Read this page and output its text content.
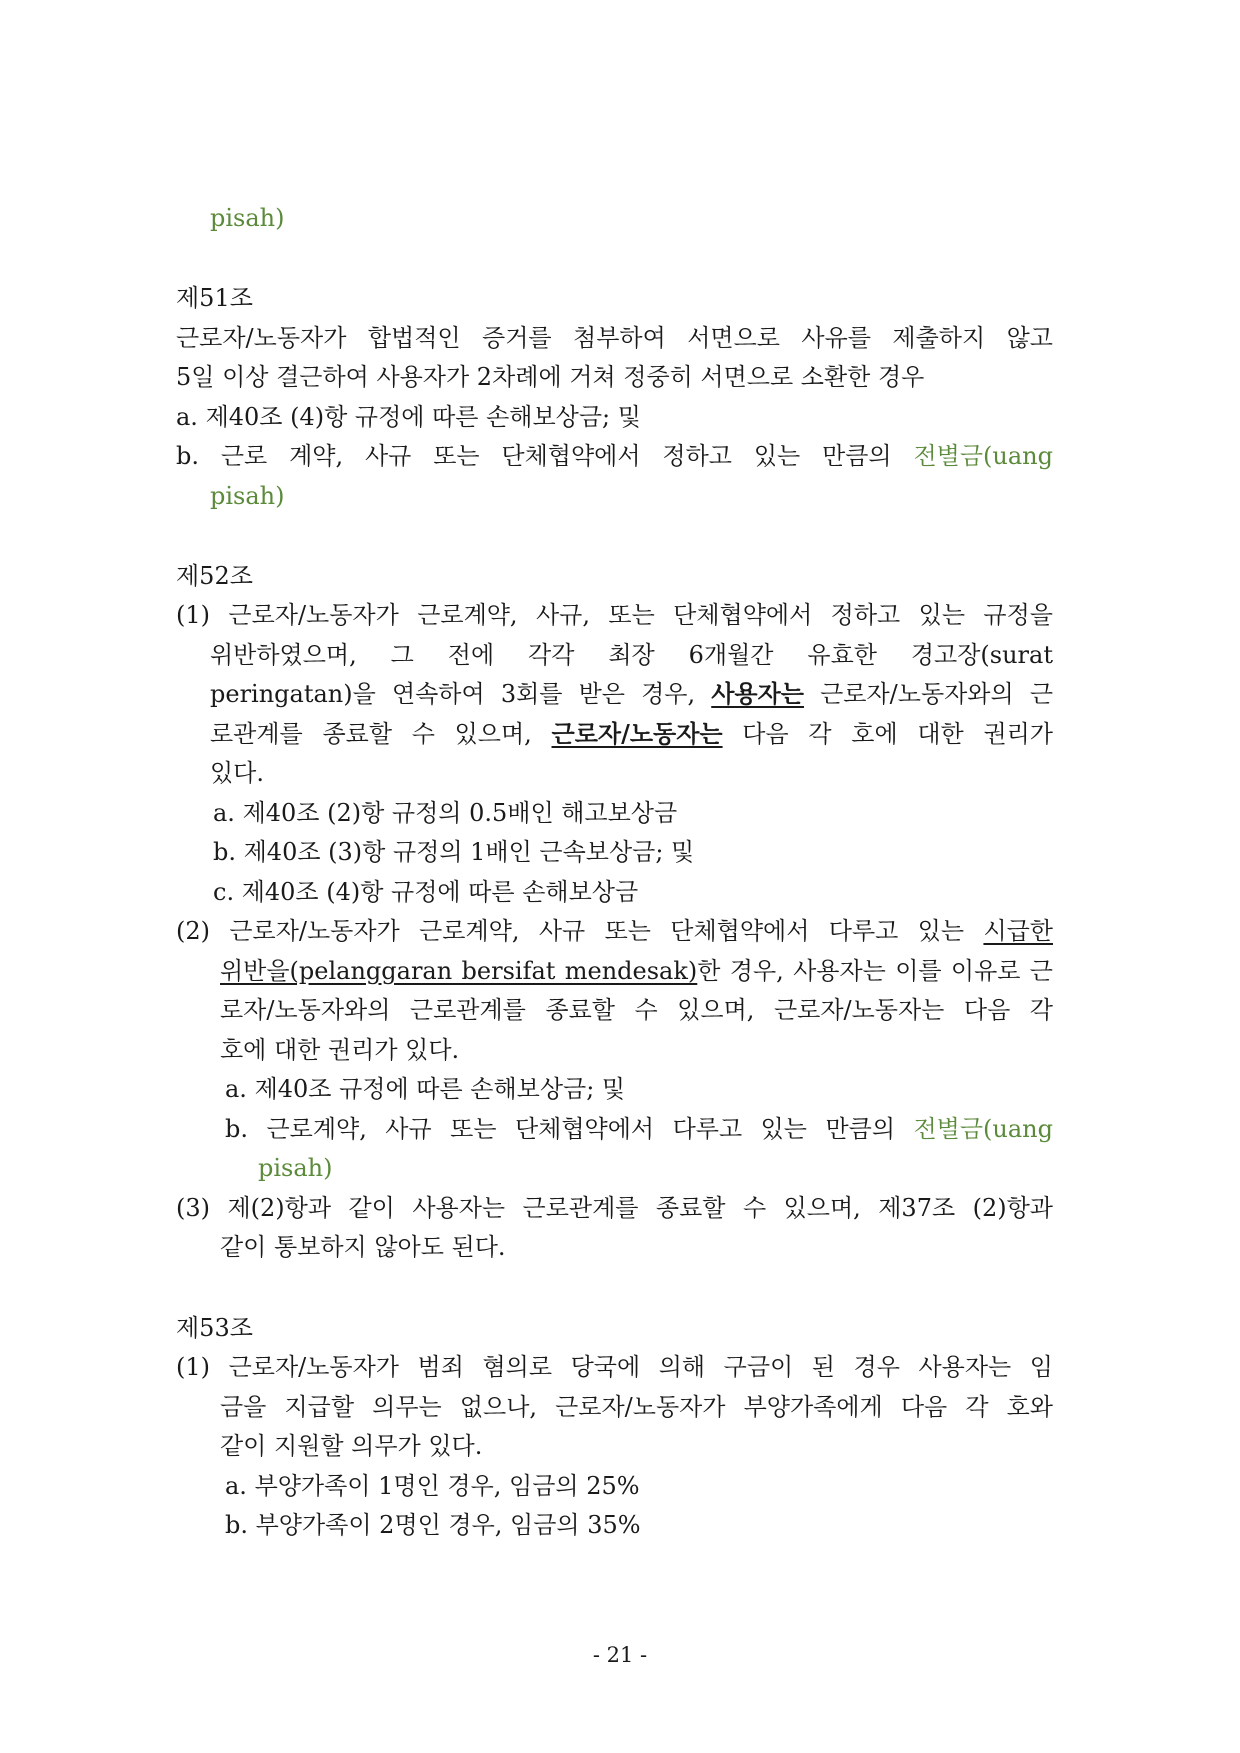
pisah)
제51조
근로자/노동자가 합법적인 증거를 첨부하여 서면으로 사유를 제출하지 않고
5일 이상 결근하여 사용자가 2차례에 거쳐 정중히 서면으로 소환한 경우
a. 제40조 (4)항 규정에 따른 손해보상금; 및
b. 근로 계약, 사규 또는 단체협약에서 정하고 있는 만큼의 전별금(uang
pisah)
제52조
(1) 근로자/노동자가 근로계약, 사규, 또는 단체협약에서 정하고 있는 규정을
위반하였으며, 그 전에 각각 최장 6개월간 유효한 경고장(surat
peringatan)을 연속하여 3회를 받은 경우, 사용자는 근로자/노동자와의 근
로관계를 종료할 수 있으며, 근로자/노동자는 다음 각 호에 대한 권리가
있다.
a. 제40조 (2)항 규정의 0.5배인 해고보상금
b. 제40조 (3)항 규정의 1배인 근속보상금; 및
c. 제40조 (4)항 규정에 따른 손해보상금
(2) 근로자/노동자가 근로계약, 사규 또는 단체협약에서 다루고 있는 시급한
위반을(pelanggaran bersifat mendesak)한 경우, 사용자는 이를 이유로 근
로자/노동자와의 근로관계를 종료할 수 있으며, 근로자/노동자는 다음 각
호에 대한 권리가 있다.
a. 제40조 규정에 따른 손해보상금; 및
b. 근로계약, 사규 또는 단체협약에서 다루고 있는 만큼의 전별금(uang
pisah)
(3) 제(2)항과 같이 사용자는 근로관계를 종료할 수 있으며, 제37조 (2)항과
같이 통보하지 않아도 된다.
제53조
(1) 근로자/노동자가 범죄 혐의로 당국에 의해 구금이 된 경우 사용자는 임
금을 지급할 의무는 없으나, 근로자/노동자가 부양가족에게 다음 각 호와
같이 지원할 의무가 있다.
a. 부양가족이 1명인 경우, 임금의 25%
b. 부양가족이 2명인 경우, 임금의 35%
- 21 -
